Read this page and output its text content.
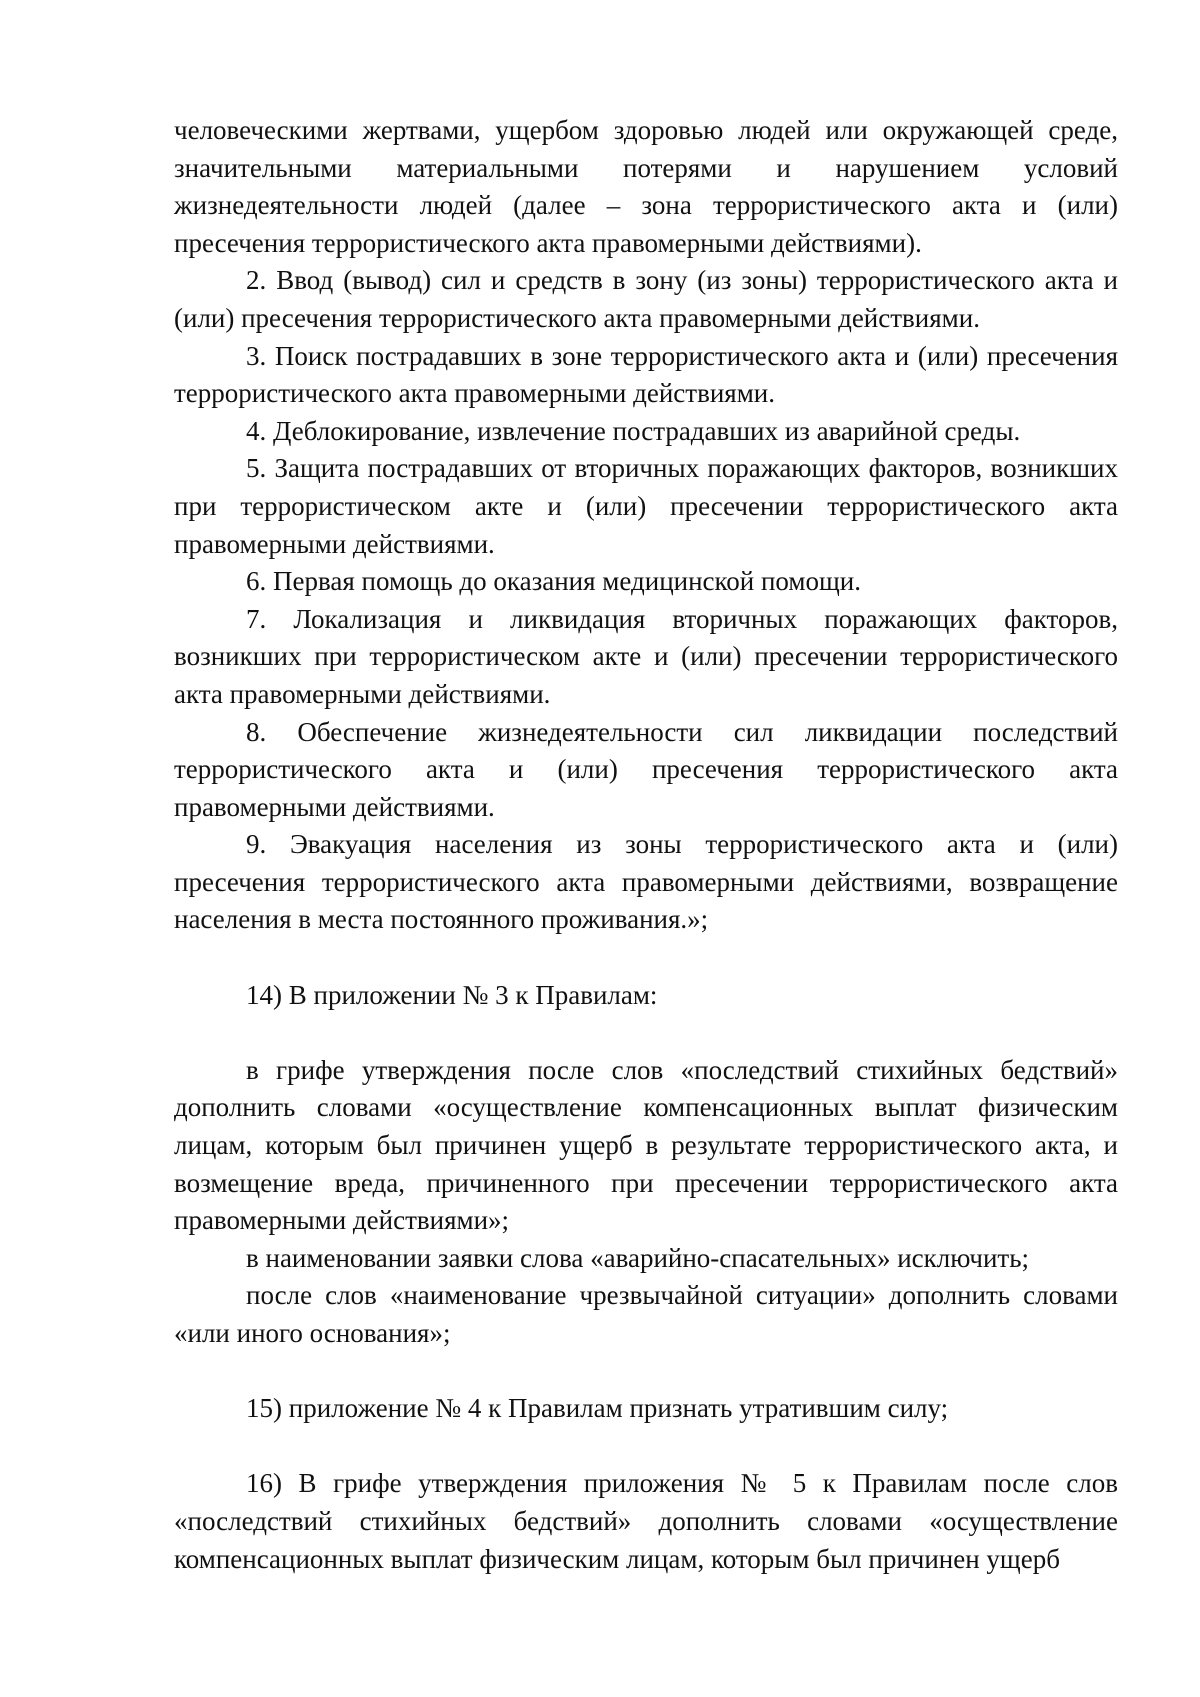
человеческими жертвами, ущербом здоровью людей или окружающей среде, значительными материальными потерями и нарушением условий жизнедеятельности людей (далее – зона террористического акта и (или) пресечения террористического акта правомерными действиями).

2. Ввод (вывод) сил и средств в зону (из зоны) террористического акта и (или) пресечения террористического акта правомерными действиями.

3. Поиск пострадавших в зоне террористического акта и (или) пресечения террористического акта правомерными действиями.

4. Деблокирование, извлечение пострадавших из аварийной среды.

5. Защита пострадавших от вторичных поражающих факторов, возникших при террористическом акте и (или) пресечении террористического акта правомерными действиями.

6. Первая помощь до оказания медицинской помощи.

7. Локализация и ликвидация вторичных поражающих факторов, возникших при террористическом акте и (или) пресечении террористического акта правомерными действиями.

8. Обеспечение жизнедеятельности сил ликвидации последствий террористического акта и (или) пресечения террористического акта правомерными действиями.

9. Эвакуация населения из зоны террористического акта и (или) пресечения террористического акта правомерными действиями, возвращение населения в места постоянного проживания.»;

14) В приложении № 3 к Правилам:

в грифе утверждения после слов «последствий стихийных бедствий» дополнить словами «осуществление компенсационных выплат физическим лицам, которым был причинен ущерб в результате террористического акта, и возмещение вреда, причиненного при пресечении террористического акта правомерными действиями»;

в наименовании заявки слова «аварийно-спасательных» исключить;

после слов «наименование чрезвычайной ситуации» дополнить словами «или иного основания»;

15) приложение № 4 к Правилам признать утратившим силу;

16) В грифе утверждения приложения № 5 к Правилам после слов «последствий стихийных бедствий» дополнить словами «осуществление компенсационных выплат физическим лицам, которым был причинен ущерб
